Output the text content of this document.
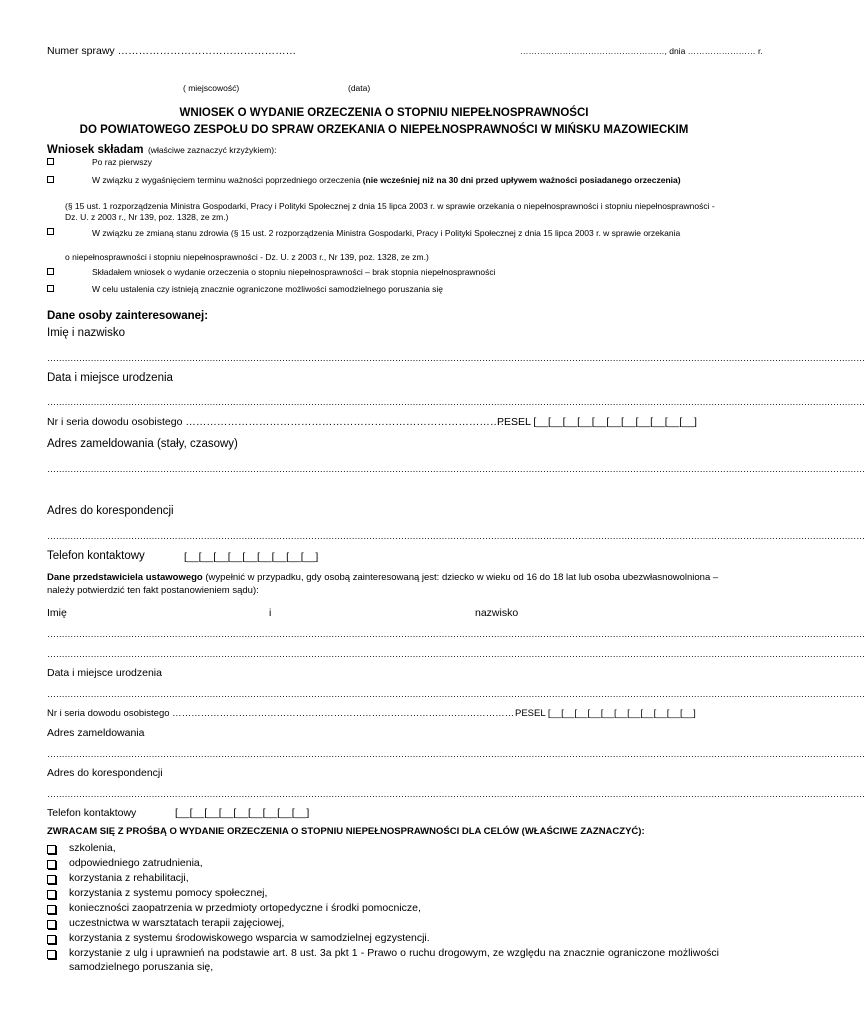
Numer sprawy ……………………………………………	……………………………………………, dnia …………………… r.
( miejscowość)	(data)
WNIOSEK O WYDANIE ORZECZENIA O STOPNIU NIEPEŁNOSPRAWNOŚCI
DO POWIATOWEGO ZESPOŁU DO SPRAW ORZEKANIA O NIEPEŁNOSPRAWNOŚCI W MIŃSKU MAZOWIECKIM
Wniosek składam (właściwe zaznaczyć krzyżykiem):
Po raz pierwszy
W związku z wygaśnięciem terminu ważności poprzedniego orzeczenia (nie wcześniej niż na 30 dni przed upływem ważności posiadanego orzeczenia)
(§ 15 ust. 1 rozporządzenia Ministra Gospodarki, Pracy i Polityki Społecznej z dnia 15 lipca 2003 r. w sprawie orzekania o niepełnosprawności i stopniu niepełnosprawności - Dz. U. z 2003 r., Nr 139, poz. 1328, ze zm.)
W związku ze zmianą stanu zdrowia (§ 15 ust. 2 rozporządzenia Ministra Gospodarki, Pracy i Polityki Społecznej z dnia 15 lipca 2003 r. w sprawie orzekania
o niepełnosprawności i stopniu niepełnosprawności - Dz. U. z 2003 r., Nr 139, poz. 1328, ze zm.)
Składałem wniosek o wydanie orzeczenia o stopniu niepełnosprawności – brak stopnia niepełnosprawności
W celu ustalenia czy istnieją znacznie ograniczone możliwości samodzielnego poruszania się
Dane osoby zainteresowanej:
Imię i nazwisko
…………………………………………………………………………………………………………………………………………………………………………………………………………………………………………………………
Data i miejsce urodzenia
…………………………………………………………………………………………………………………………………………………………………………………………………………………………………………………………
Nr i seria dowodu osobistego ………………………………………………………………………………………
PESEL [__[__[__[__[__[__[__[__[__[__[__]
Adres zameldowania (stały, czasowy)
…………………………………………………………………………………………………………………………………………………………………………………………………………………………………………………………
Adres do korespondencji
…………………………………………………………………………………………………………………………………………………………………………………………………………………………………………………………
Telefon kontaktowy	[__[__[__[__[__[__[__[__[__]
Dane przedstawiciela ustawowego (wypełnić w przypadku, gdy osobą zainteresowaną jest: dziecko w wieku od 16 do 18 lat lub osoba ubezwłasnowolniona – należy potwierdzić ten fakt postanowieniem sądu):
Imię	i	nazwisko
…………………………………………………………………………………………………………………………………………………………………………………………………………………………………………………………
…………………………………………………………………………………………………………………………………………………………………………………………………………………………………………………………
Data i miejsce urodzenia
…………………………………………………………………………………………………………………………………………………………………………………………………………………………………………………………
Nr i seria dowodu osobistego ……………………………………………………………………………………………… PESEL [__[__[__[__[__[__[__[__[__[__[__]
Adres zameldowania
…………………………………………………………………………………………………………………………………………………………………………………………………………………………………………………………
Adres do korespondencji
…………………………………………………………………………………………………………………………………………………………………………………………………………………………………………………………
Telefon kontaktowy	[__[__[__[__[__[__[__[__[__]
ZWRACAM SIĘ Z PROŚBĄ O WYDANIE ORZECZENIA O STOPNIU NIEPEŁNOSPRAWNOŚCI DLA CELÓW (WŁAŚCIWE ZAZNACZYĆ):
szkolenia,
odpowiedniego zatrudnienia,
korzystania z rehabilitacji,
korzystania z systemu pomocy społecznej,
konieczności zaopatrzenia w przedmioty ortopedyczne i środki pomocnicze,
uczestnictwa w warsztatach terapii zajęciowej,
korzystania z systemu środowiskowego wsparcia w samodzielnej egzystencji.
korzystanie z ulg i uprawnień na podstawie art. 8 ust. 3a pkt 1 - Prawo o ruchu drogowym, ze względu na znacznie ograniczone możliwości samodzielnego poruszania się,
